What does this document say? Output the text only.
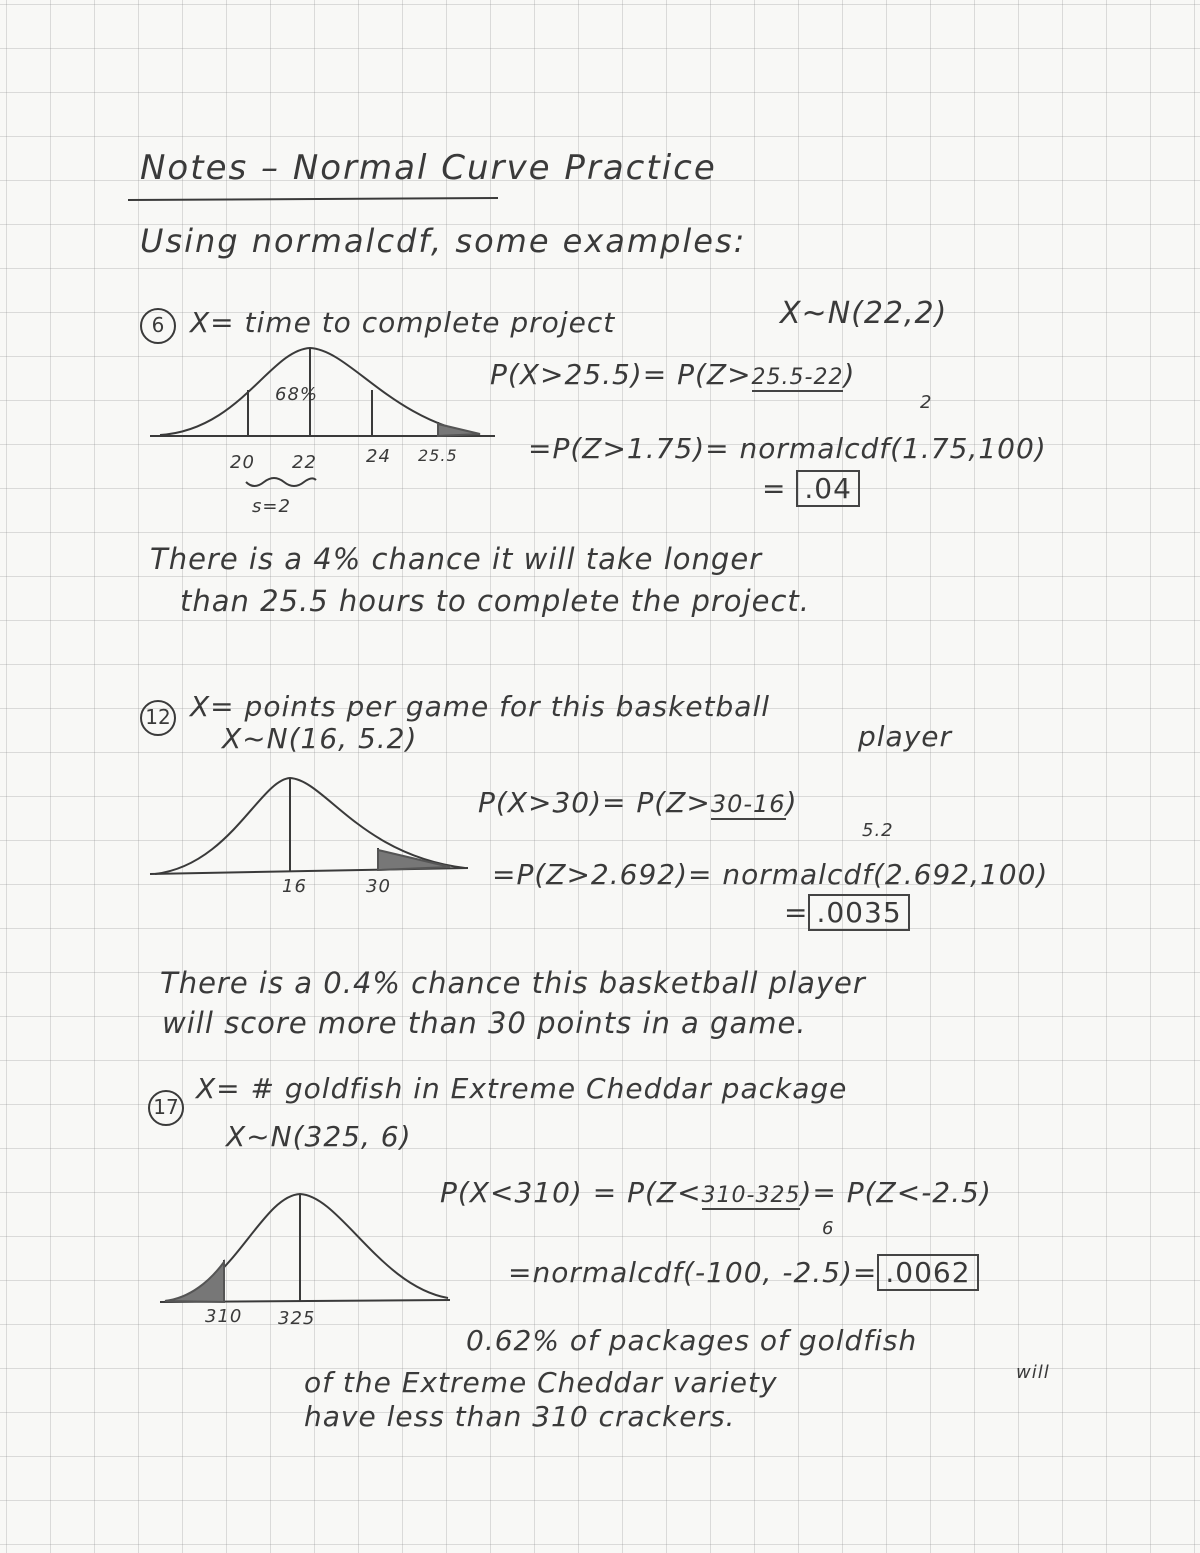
Notes – Normal Curve Practice
Using normalcdf, some examples:
6 X= time to complete project	X~N(22,2)
68%
20 22	24 25.5
s=2
P(X>25.5)= P(Z>25.5-22)
2
=P(Z>1.75)= normalcdf(1.75,100)
= .04
There is a 4% chance it will take longer
than 25.5 hours to complete the project.
12 X= points per game for this basketball
player
X~N(16, 5.2)
16	30
P(X>30)= P(Z>30-16)
5.2
=P(Z>2.692)= normalcdf(2.692,100)
= .0035
There is a 0.4% chance this basketball player
will score more than 30 points in a game.
17
X= # goldfish in Extreme Cheddar package
X~N(325, 6)
310 325
P(X<310) = P(Z<310-325)= P(Z<-2.5)
6
=normalcdf(-100, -2.5)= .0062
0.62% of packages of goldfish
will
of the Extreme Cheddar variety
have less than 310 crackers.
